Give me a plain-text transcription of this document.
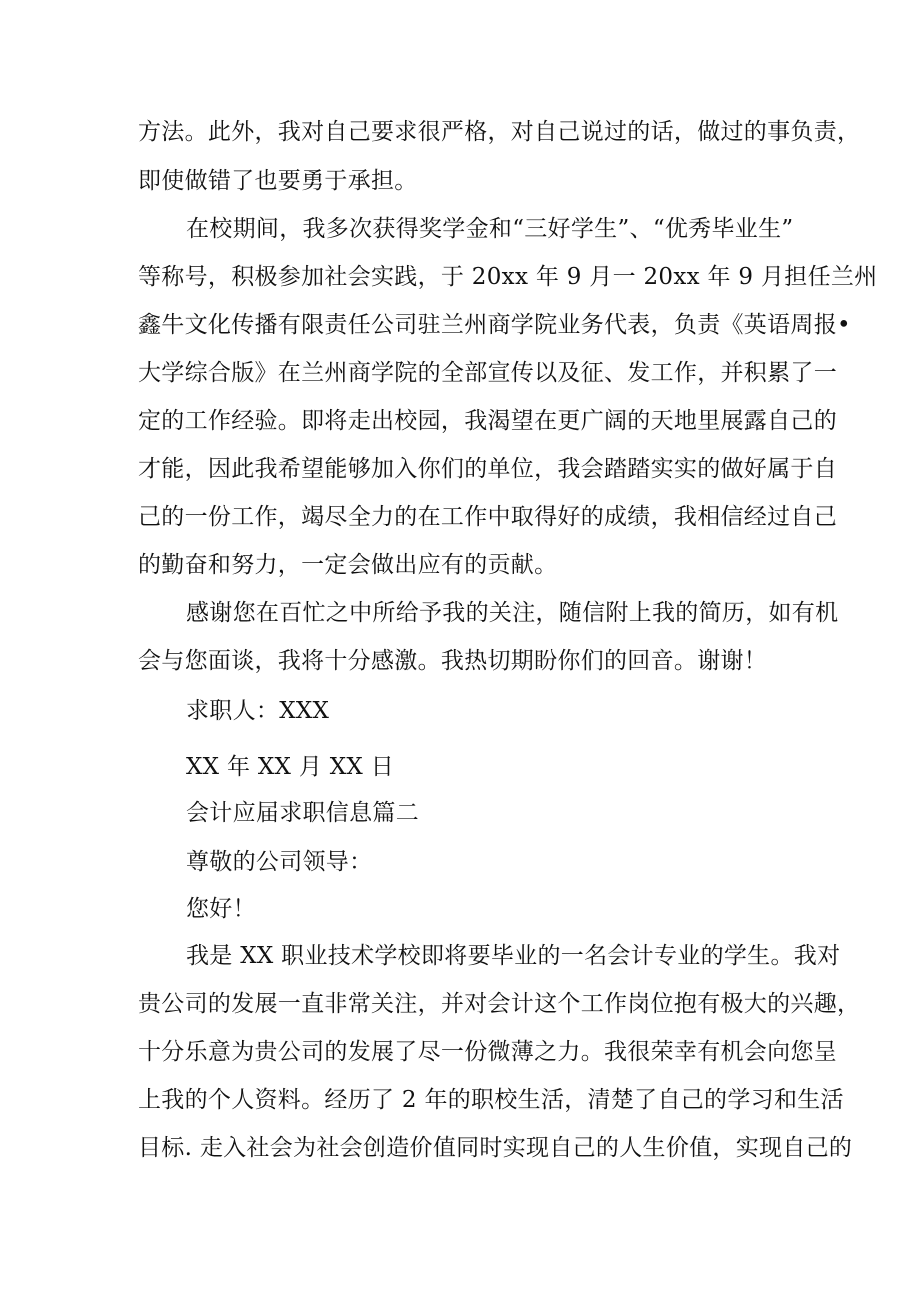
方法。此外，我对自己要求很严格，对自己说过的话，做过的事负责，
即使做错了也要勇于承担。
在校期间，我多次获得奖学金和“三好学生”、“优秀毕业生”
等称号，积极参加社会实践，于 20xx 年 9 月一 20xx 年 9 月担任兰州
鑫牛文化传播有限责任公司驻兰州商学院业务代表，负责《英语周报•
大学综合版》在兰州商学院的全部宣传以及征、发工作，并积累了一
定的工作经验。即将走出校园，我渴望在更广阔的天地里展露自己的
才能，因此我希望能够加入你们的单位，我会踏踏实实的做好属于自
己的一份工作，竭尽全力的在工作中取得好的成绩，我相信经过自己
的勤奋和努力，一定会做出应有的贡献。
感谢您在百忙之中所给予我的关注，随信附上我的简历，如有机
会与您面谈，我将十分感激。我热切期盼你们的回音。谢谢！
求职人：XXX
XX 年 XX 月 XX 日
会计应届求职信息篇二
尊敬的公司领导：
您好！
我是 XX 职业技术学校即将要毕业的一名会计专业的学生。我对
贵公司的发展一直非常关注，并对会计这个工作岗位抱有极大的兴趣，
十分乐意为贵公司的发展了尽一份微薄之力。我很荣幸有机会向您呈
上我的个人资料。经历了 2 年的职校生活，清楚了自己的学习和生活
目标. 走入社会为社会创造价值同时实现自己的人生价值，实现自己的
